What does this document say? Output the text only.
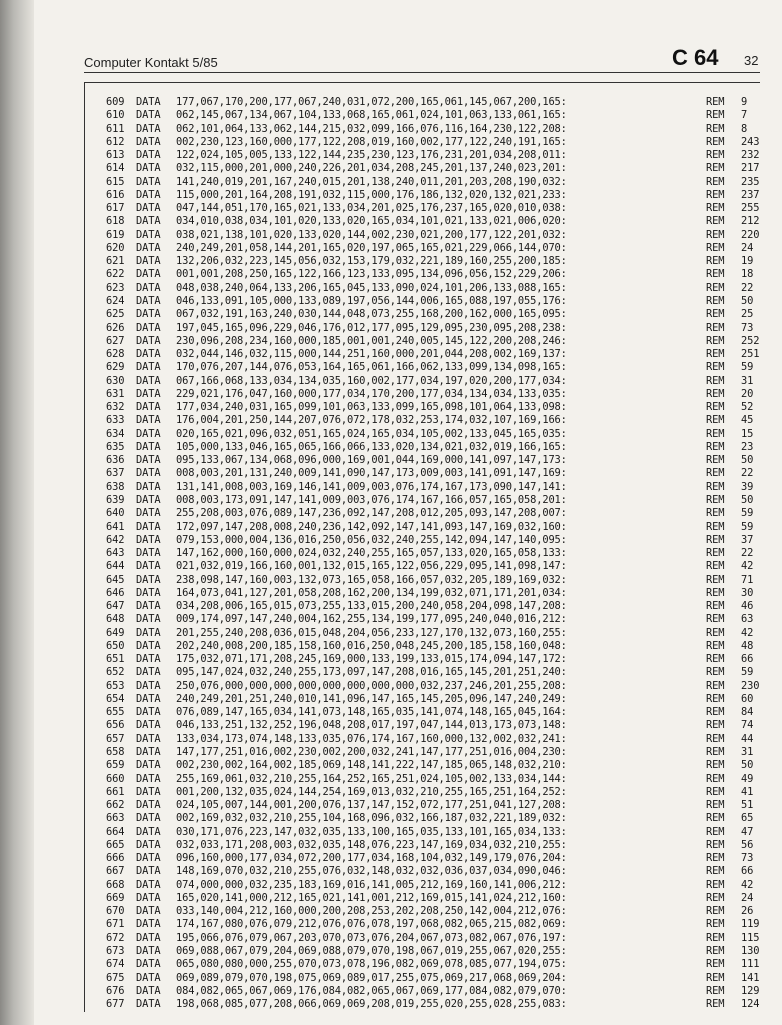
Computer Kontakt 5/85	C 64 32
609 DATA 177,067,170,200,177,067,240,031,072,200,165,061,145,067,200,165:	REM 9
610 DATA 062,145,067,134,067,104,133,068,165,061,024,101,063,133,061,165:	REM 7
611 DATA 062,101,064,133,062,144,215,032,099,166,076,116,164,230,122,208:	REM 8
612 DATA 002,230,123,160,000,177,122,208,019,160,002,177,122,240,191,165:	REM 243
613 DATA 122,024,105,005,133,122,144,235,230,123,176,231,201,034,208,011:	REM 232
614 DATA 032,115,000,201,000,240,226,201,034,208,245,201,137,240,023,201:	REM 217
615 DATA 141,240,019,201,167,240,015,201,138,240,011,201,203,208,190,032:	REM 235
616 DATA 115,000,201,164,208,191,032,115,000,176,186,132,020,132,021,233:	REM 237
617 DATA 047,144,051,170,165,021,133,034,201,025,176,237,165,020,010,038:	REM 255
618 DATA 034,010,038,034,101,020,133,020,165,034,101,021,133,021,006,020:	REM 212
619 DATA 038,021,138,101,020,133,020,144,002,230,021,200,177,122,201,032:	REM 220
620 DATA 240,249,201,058,144,201,165,020,197,065,165,021,229,066,144,070:	REM 24
621 DATA 132,206,032,223,145,056,032,153,179,032,221,189,160,255,200,185:	REM 19
622 DATA 001,001,208,250,165,122,166,123,133,095,134,096,056,152,229,206:	REM 18
623 DATA 048,038,240,064,133,206,165,045,133,090,024,101,206,133,088,165:	REM 22
624 DATA 046,133,091,105,000,133,089,197,056,144,006,165,088,197,055,176:	REM 50
625 DATA 067,032,191,163,240,030,144,048,073,255,168,200,162,000,165,095:	REM 25
626 DATA 197,045,165,096,229,046,176,012,177,095,129,095,230,095,208,238:	REM 73
627 DATA 230,096,208,234,160,000,185,001,001,240,005,145,122,200,208,246:	REM 252
628 DATA 032,044,146,032,115,000,144,251,160,000,201,044,208,002,169,137:	REM 251
629 DATA 170,076,207,144,076,053,164,165,061,166,062,133,099,134,098,165:	REM 59
630 DATA 067,166,068,133,034,134,035,160,002,177,034,197,020,200,177,034:	REM 31
631 DATA 229,021,176,047,160,000,177,034,170,200,177,034,134,034,133,035:	REM 20
632 DATA 177,034,240,031,165,099,101,063,133,099,165,098,101,064,133,098:	REM 52
633 DATA 176,004,201,250,144,207,076,072,178,032,253,174,032,107,169,166:	REM 45
634 DATA 020,165,021,096,032,051,165,024,165,034,105,002,133,045,165,035:	REM 15
635 DATA 105,000,133,046,165,065,166,066,133,020,134,021,032,019,166,165:	REM 23
636 DATA 095,133,067,134,068,096,000,169,001,044,169,000,141,097,147,173:	REM 50
637 DATA 008,003,201,131,240,009,141,090,147,173,009,003,141,091,147,169:	REM 22
638 DATA 131,141,008,003,169,146,141,009,003,076,174,167,173,090,147,141:	REM 39
639 DATA 008,003,173,091,147,141,009,003,076,174,167,166,057,165,058,201:	REM 50
640 DATA 255,208,003,076,089,147,236,092,147,208,012,205,093,147,208,007:	REM 59
641 DATA 172,097,147,208,008,240,236,142,092,147,141,093,147,169,032,160:	REM 59
642 DATA 079,153,000,004,136,016,250,056,032,240,255,142,094,147,140,095:	REM 37
643 DATA 147,162,000,160,000,024,032,240,255,165,057,133,020,165,058,133:	REM 22
644 DATA 021,032,019,166,160,001,132,015,165,122,056,229,095,141,098,147:	REM 42
645 DATA 238,098,147,160,003,132,073,165,058,166,057,032,205,189,169,032:	REM 71
646 DATA 164,073,041,127,201,058,208,162,200,134,199,032,071,171,201,034:	REM 30
647 DATA 034,208,006,165,015,073,255,133,015,200,240,058,204,098,147,208:	REM 46
648 DATA 009,174,097,147,240,004,162,255,134,199,177,095,240,040,016,212:	REM 63
649 DATA 201,255,240,208,036,015,048,204,056,233,127,170,132,073,160,255:	REM 42
650 DATA 202,240,008,200,185,158,160,016,250,048,245,200,185,158,160,048:	REM 48
651 DATA 175,032,071,171,208,245,169,000,133,199,133,015,174,094,147,172:	REM 66
652 DATA 095,147,024,032,240,255,173,097,147,208,016,165,145,201,251,240:	REM 59
653 DATA 250,076,000,000,000,000,000,000,000,000,032,237,246,201,255,208:	REM 230
654 DATA 240,249,201,251,240,010,141,096,147,165,145,205,096,147,240,249:	REM 60
655 DATA 076,089,147,165,034,141,073,148,165,035,141,074,148,165,045,164:	REM 84
656 DATA 046,133,251,132,252,196,048,208,017,197,047,144,013,173,073,148:	REM 74
657 DATA 133,034,173,074,148,133,035,076,174,167,160,000,132,002,032,241:	REM 44
658 DATA 147,177,251,016,002,230,002,200,032,241,147,177,251,016,004,230:	REM 31
659 DATA 002,230,002,164,002,185,069,148,141,222,147,185,065,148,032,210:	REM 50
660 DATA 255,169,061,032,210,255,164,252,165,251,024,105,002,133,034,144:	REM 49
661 DATA 001,200,132,035,024,144,254,169,013,032,210,255,165,251,164,252:	REM 41
662 DATA 024,105,007,144,001,200,076,137,147,152,072,177,251,041,127,208:	REM 51
663 DATA 002,169,032,032,210,255,104,168,096,032,166,187,032,221,189,032:	REM 65
664 DATA 030,171,076,223,147,032,035,133,100,165,035,133,101,165,034,133:	REM 47
665 DATA 032,033,171,208,003,032,035,148,076,223,147,169,034,032,210,255:	REM 56
666 DATA 096,160,000,177,034,072,200,177,034,168,104,032,149,179,076,204:	REM 73
667 DATA 148,169,070,032,210,255,076,032,148,032,032,036,037,034,090,046:	REM 66
668 DATA 074,000,000,032,235,183,169,016,141,005,212,169,160,141,006,212:	REM 42
669 DATA 165,020,141,000,212,165,021,141,001,212,169,015,141,024,212,160:	REM 24
670 DATA 033,140,004,212,160,000,200,208,253,202,208,250,142,004,212,076:	REM 26
671 DATA 174,167,080,076,079,212,076,076,078,197,068,082,065,215,082,069:	REM 119
672 DATA 195,066,076,079,067,203,070,073,076,204,067,073,082,067,076,197:	REM 115
673 DATA 069,088,067,079,204,069,088,079,070,198,067,019,255,067,020,255:	REM 130
674 DATA 065,080,080,000,255,070,073,078,196,082,069,078,085,077,194,075:	REM 111
675 DATA 069,089,079,070,198,075,069,089,017,255,075,069,217,068,069,204:	REM 141
676 DATA 084,082,065,067,069,176,084,082,065,067,069,177,084,082,079,070:	REM 129
677 DATA 198,068,085,077,208,066,069,069,208,019,255,020,255,028,255,083:	REM 124
